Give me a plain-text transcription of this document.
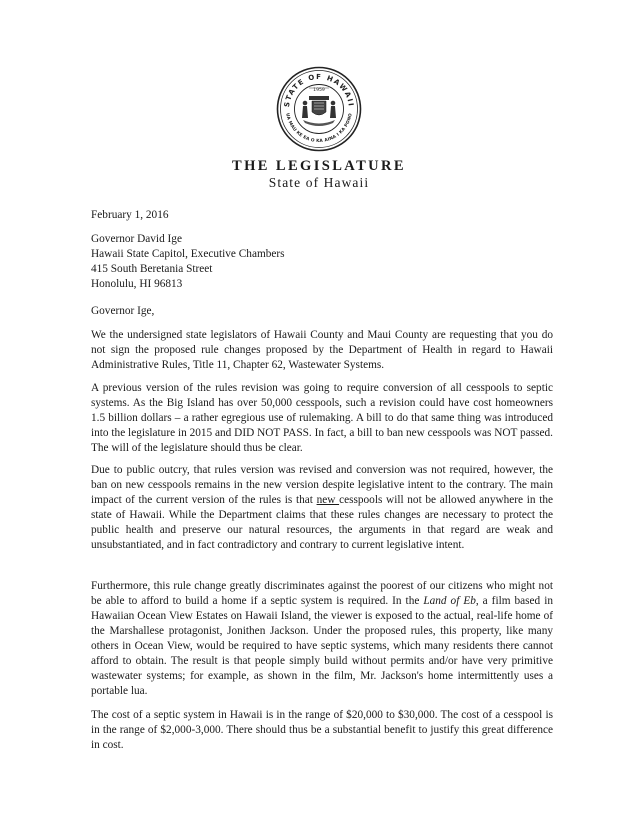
STATE OF HAWAII
UA MAU KE EA O KA AINA I KA PONO
1959
THE LEGISLATURE
State of Hawaii
February 1, 2016
Governor David Ige
Hawaii State Capitol, Executive Chambers
415 South Beretania Street
Honolulu, HI 96813
Governor Ige,
We the undersigned state legislators of Hawaii County and Maui County are requesting that you do not sign the proposed rule changes proposed by the Department of Health in regard to Hawaii Administrative Rules, Title 11, Chapter 62, Wastewater Systems.
A previous version of the rules revision was going to require conversion of all cesspools to septic systems. As the Big Island has over 50,000 cesspools, such a revision could have cost homeowners 1.5 billion dollars – a rather egregious use of rulemaking. A bill to do that same thing was introduced into the legislature in 2015 and DID NOT PASS. In fact, a bill to ban new cesspools was NOT passed. The will of the legislature should thus be clear.
Due to public outcry, that rules version was revised and conversion was not required, however, the ban on new cesspools remains in the new version despite legislative intent to the contrary. The main impact of the current version of the rules is that new cesspools will not be allowed anywhere in the state of Hawaii. While the Department claims that these rules changes are necessary to protect the public health and preserve our natural resources, the arguments in that regard are weak and unsubstantiated, and in fact contradictory and contrary to current legislative intent.
Furthermore, this rule change greatly discriminates against the poorest of our citizens who might not be able to afford to build a home if a septic system is required. In the Land of Eb, a film based in Hawaiian Ocean View Estates on Hawaii Island, the viewer is exposed to the actual, real-life home of the Marshallese protagonist, Jonithen Jackson. Under the proposed rules, this property, like many others in Ocean View, would be required to have septic systems, which many residents there cannot afford to obtain. The result is that people simply build without permits and/or have very primitive wastewater systems; for example, as shown in the film, Mr. Jackson's home intermittently uses a portable lua.
The cost of a septic system in Hawaii is in the range of $20,000 to $30,000. The cost of a cesspool is in the range of $2,000-3,000. There should thus be a substantial benefit to justify this great difference in cost.
